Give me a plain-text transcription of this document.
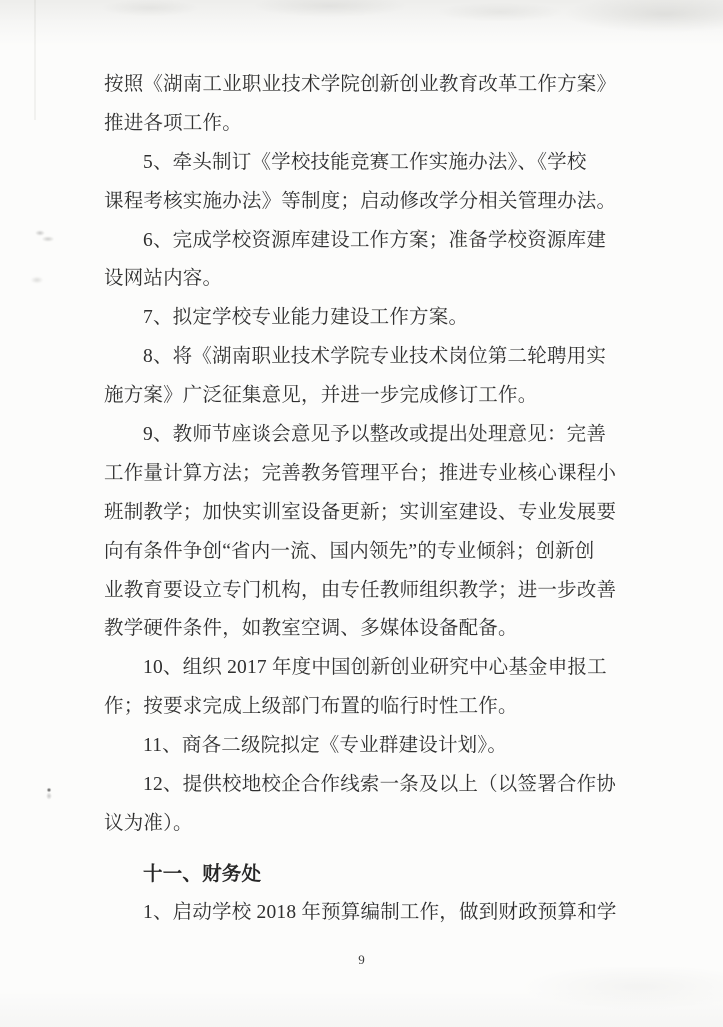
按照《湖南工业职业技术学院创新创业教育改革工作方案》
推进各项工作。
5、牵头制订《学校技能竞赛工作实施办法》、《学校
课程考核实施办法》等制度；启动修改学分相关管理办法。
6、完成学校资源库建设工作方案；准备学校资源库建
设网站内容。
7、拟定学校专业能力建设工作方案。
8、将《湖南职业技术学院专业技术岗位第二轮聘用实
施方案》广泛征集意见，并进一步完成修订工作。
9、教师节座谈会意见予以整改或提出处理意见：完善
工作量计算方法；完善教务管理平台；推进专业核心课程小
班制教学；加快实训室设备更新；实训室建设、专业发展要
向有条件争创“省内一流、国内领先”的专业倾斜；创新创
业教育要设立专门机构，由专任教师组织教学；进一步改善
教学硬件条件，如教室空调、多媒体设备配备。
10、组织 2017 年度中国创新创业研究中心基金申报工
作；按要求完成上级部门布置的临行时性工作。
11、商各二级院拟定《专业群建设计划》。
12、提供校地校企合作线索一条及以上（以签署合作协
议为准）。
十一、财务处
1、启动学校 2018 年预算编制工作，做到财政预算和学
9
